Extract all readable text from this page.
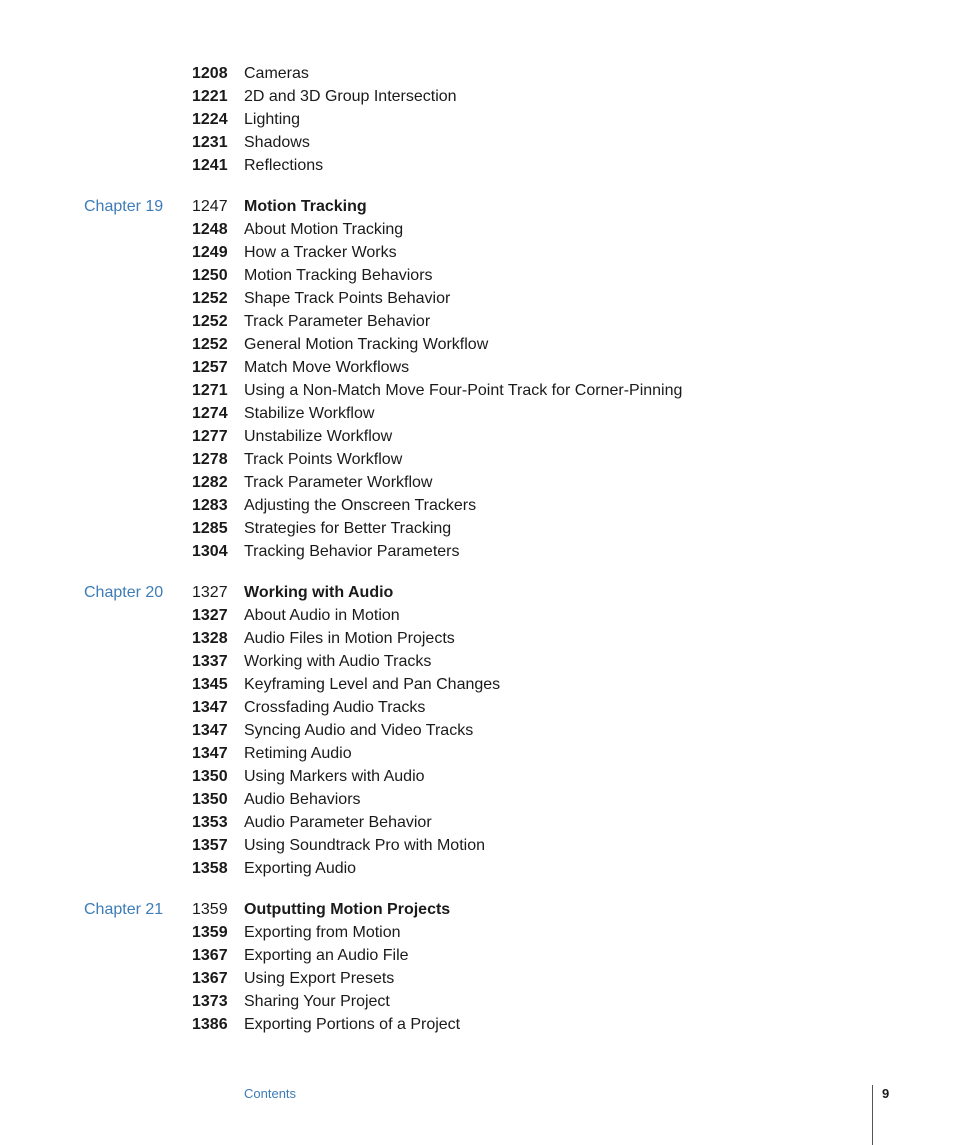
1208 Cameras
1221 2D and 3D Group Intersection
1224 Lighting
1231 Shadows
1241 Reflections
Chapter 19 1247 Motion Tracking
1248 About Motion Tracking
1249 How a Tracker Works
1250 Motion Tracking Behaviors
1252 Shape Track Points Behavior
1252 Track Parameter Behavior
1252 General Motion Tracking Workflow
1257 Match Move Workflows
1271 Using a Non-Match Move Four-Point Track for Corner-Pinning
1274 Stabilize Workflow
1277 Unstabilize Workflow
1278 Track Points Workflow
1282 Track Parameter Workflow
1283 Adjusting the Onscreen Trackers
1285 Strategies for Better Tracking
1304 Tracking Behavior Parameters
Chapter 20 1327 Working with Audio
1327 About Audio in Motion
1328 Audio Files in Motion Projects
1337 Working with Audio Tracks
1345 Keyframing Level and Pan Changes
1347 Crossfading Audio Tracks
1347 Syncing Audio and Video Tracks
1347 Retiming Audio
1350 Using Markers with Audio
1350 Audio Behaviors
1353 Audio Parameter Behavior
1357 Using Soundtrack Pro with Motion
1358 Exporting Audio
Chapter 21 1359 Outputting Motion Projects
1359 Exporting from Motion
1367 Exporting an Audio File
1367 Using Export Presets
1373 Sharing Your Project
1386 Exporting Portions of a Project
Contents	9
